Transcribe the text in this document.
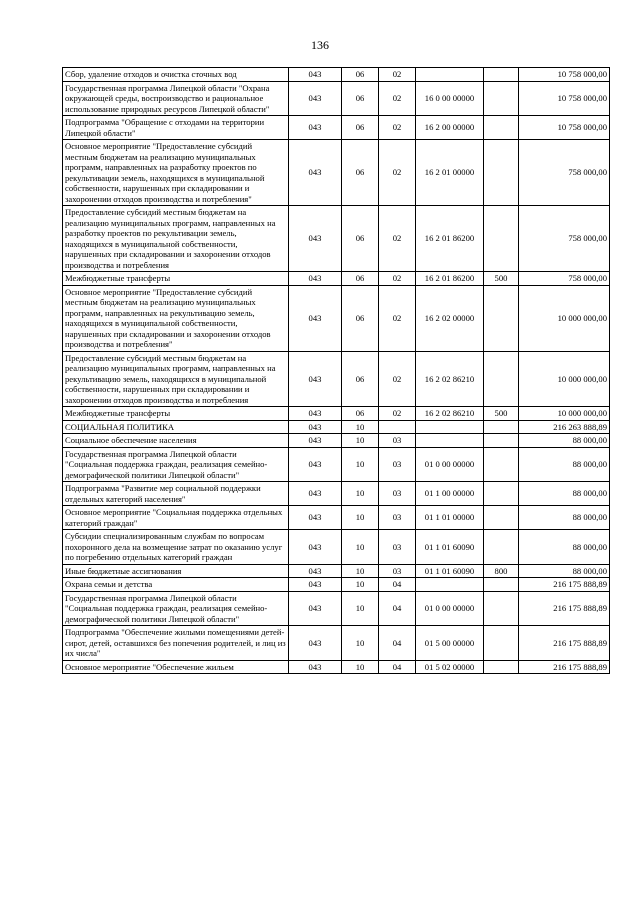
136
Сбор, удаление отходов и очистка сточных вод	043	06	02			10 758 000,00
Государственная программа Липецкой области "Охрана окружающей среды, воспроизводство и рациональное использование природных ресурсов Липецкой области"	043	06	02	16 0 00 00000		10 758 000,00
Подпрограмма "Обращение с отходами на территории Липецкой области"	043	06	02	16 2 00 00000		10 758 000,00
Основное мероприятие "Предоставление субсидий местным бюджетам на реализацию муниципальных программ, направленных на разработку проектов по рекультивации земель, находящихся в муниципальной собственности, нарушенных при складировании и захоронении отходов производства и потребления"	043	06	02	16 2 01 00000		758 000,00
Предоставление субсидий местным бюджетам на реализацию муниципальных программ, направленных на разработку проектов по рекультивации земель, находящихся в муниципальной собственности, нарушенных при складировании и захоронении отходов производства и потребления	043	06	02	16 2 01 86200		758 000,00
Межбюджетные трансферты	043	06	02	16 2 01 86200	500	758 000,00
Основное мероприятие "Предоставление субсидий местным бюджетам на реализацию муниципальных программ, направленных на рекультивацию земель, находящихся в муниципальной собственности, нарушенных при складировании и захоронении отходов производства и потребления"	043	06	02	16 2 02 00000		10 000 000,00
Предоставление субсидий местным бюджетам на реализацию муниципальных программ, направленных на рекультивацию земель, находящихся в муниципальной собственности, нарушенных при складировании и захоронении отходов производства и потребления	043	06	02	16 2 02 86210		10 000 000,00
Межбюджетные трансферты	043	06	02	16 2 02 86210	500	10 000 000,00
СОЦИАЛЬНАЯ ПОЛИТИКА	043	10				216 263 888,89
Социальное обеспечение населения	043	10	03			88 000,00
Государственная программа Липецкой области "Социальная поддержка граждан, реализация семейно-демографической политики Липецкой области"	043	10	03	01 0 00 00000		88 000,00
Подпрограмма "Развитие мер социальной поддержки отдельных категорий населения"	043	10	03	01 1 00 00000		88 000,00
Основное мероприятие "Социальная поддержка отдельных категорий граждан"	043	10	03	01 1 01 00000		88 000,00
Субсидии специализированным службам по вопросам похоронного дела на возмещение затрат по оказанию услуг по погребению отдельных категорий граждан	043	10	03	01 1 01 60090		88 000,00
Иные бюджетные ассигнования	043	10	03	01 1 01 60090	800	88 000,00
Охрана семьи и детства	043	10	04			216 175 888,89
Государственная программа Липецкой области "Социальная поддержка граждан, реализация семейно-демографической политики Липецкой области"	043	10	04	01 0 00 00000		216 175 888,89
Подпрограмма "Обеспечение жилыми помещениями детей-сирот, детей, оставшихся без попечения родителей, и лиц из их числа"	043	10	04	01 5 00 00000		216 175 888,89
Основное мероприятие "Обеспечение жильем	043	10	04	01 5 02 00000		216 175 888,89
